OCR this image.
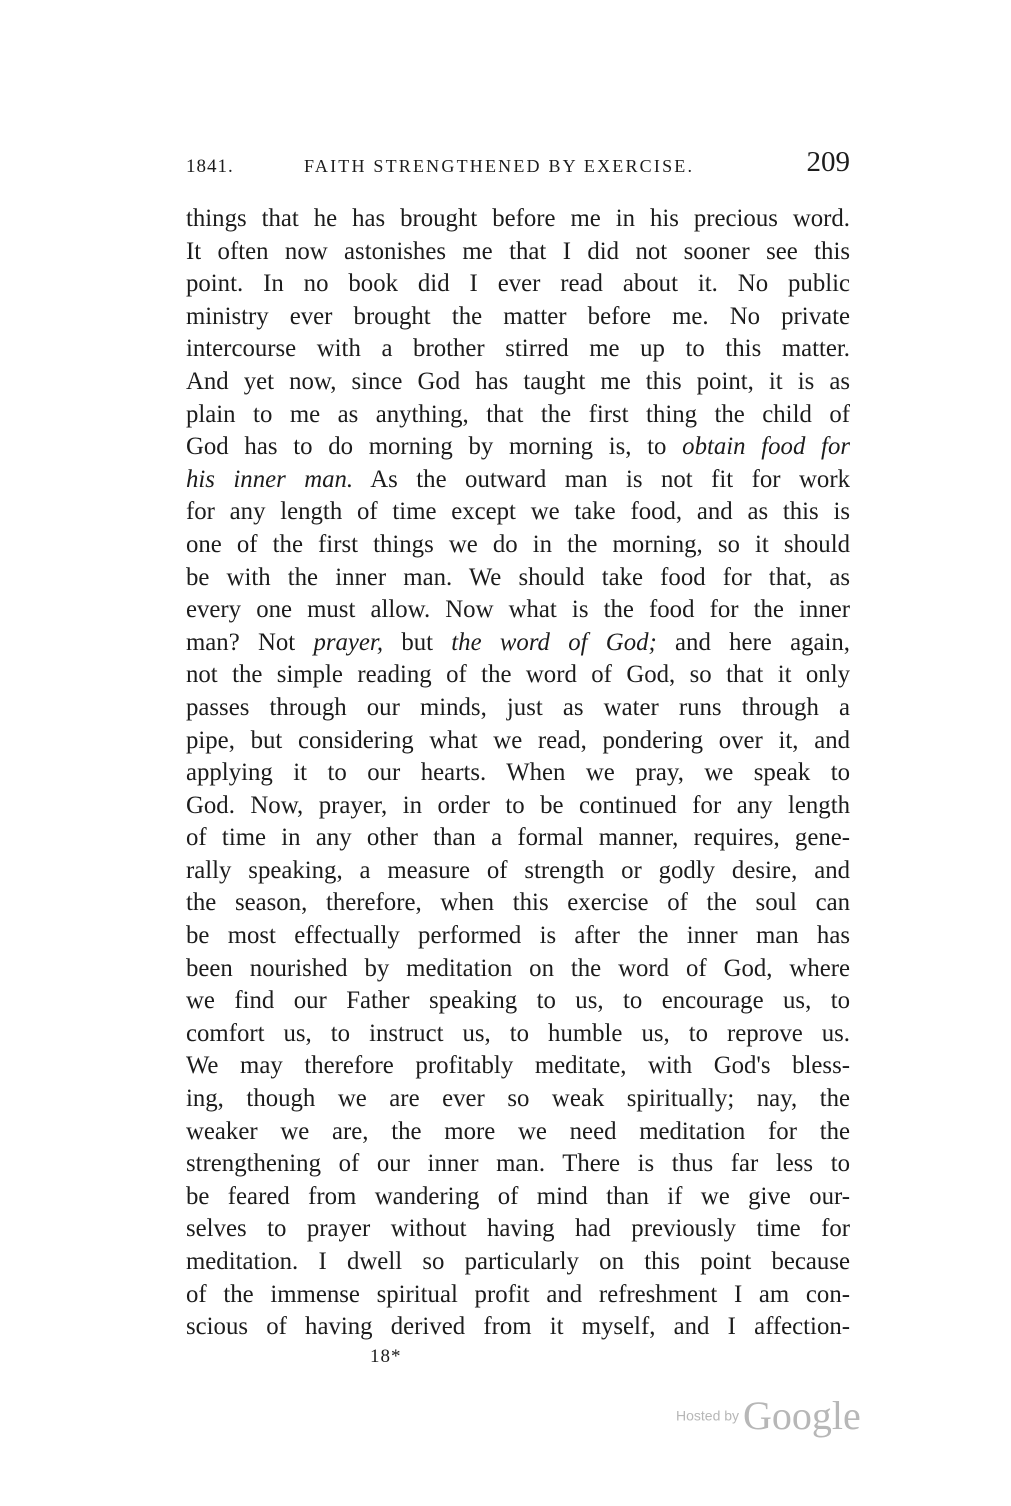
1841.	FAITH STRENGTHENED BY EXERCISE.	209
things that he has brought before me in his precious word.
It often now astonishes me that I did not sooner see this
point. In no book did I ever read about it. No public
ministry ever brought the matter before me. No private
intercourse with a brother stirred me up to this matter.
And yet now, since God has taught me this point, it is as
plain to me as anything, that the first thing the child of
God has to do morning by morning is, to obtain food for
his inner man. As the outward man is not fit for work
for any length of time except we take food, and as this is
one of the first things we do in the morning, so it should
be with the inner man. We should take food for that, as
every one must allow. Now what is the food for the inner
man? Not prayer, but the word of God; and here again,
not the simple reading of the word of God, so that it only
passes through our minds, just as water runs through a
pipe, but considering what we read, pondering over it, and
applying it to our hearts. When we pray, we speak to
God. Now, prayer, in order to be continued for any length
of time in any other than a formal manner, requires, gene-
rally speaking, a measure of strength or godly desire, and
the season, therefore, when this exercise of the soul can
be most effectually performed is after the inner man has
been nourished by meditation on the word of God, where
we find our Father speaking to us, to encourage us, to
comfort us, to instruct us, to humble us, to reprove us.
We may therefore profitably meditate, with God's bless-
ing, though we are ever so weak spiritually; nay, the
weaker we are, the more we need meditation for the
strengthening of our inner man. There is thus far less to
be feared from wandering of mind than if we give our-
selves to prayer without having had previously time for
meditation. I dwell so particularly on this point because
of the immense spiritual profit and refreshment I am con-
scious of having derived from it myself, and I affection-
18*
Hosted by Google
